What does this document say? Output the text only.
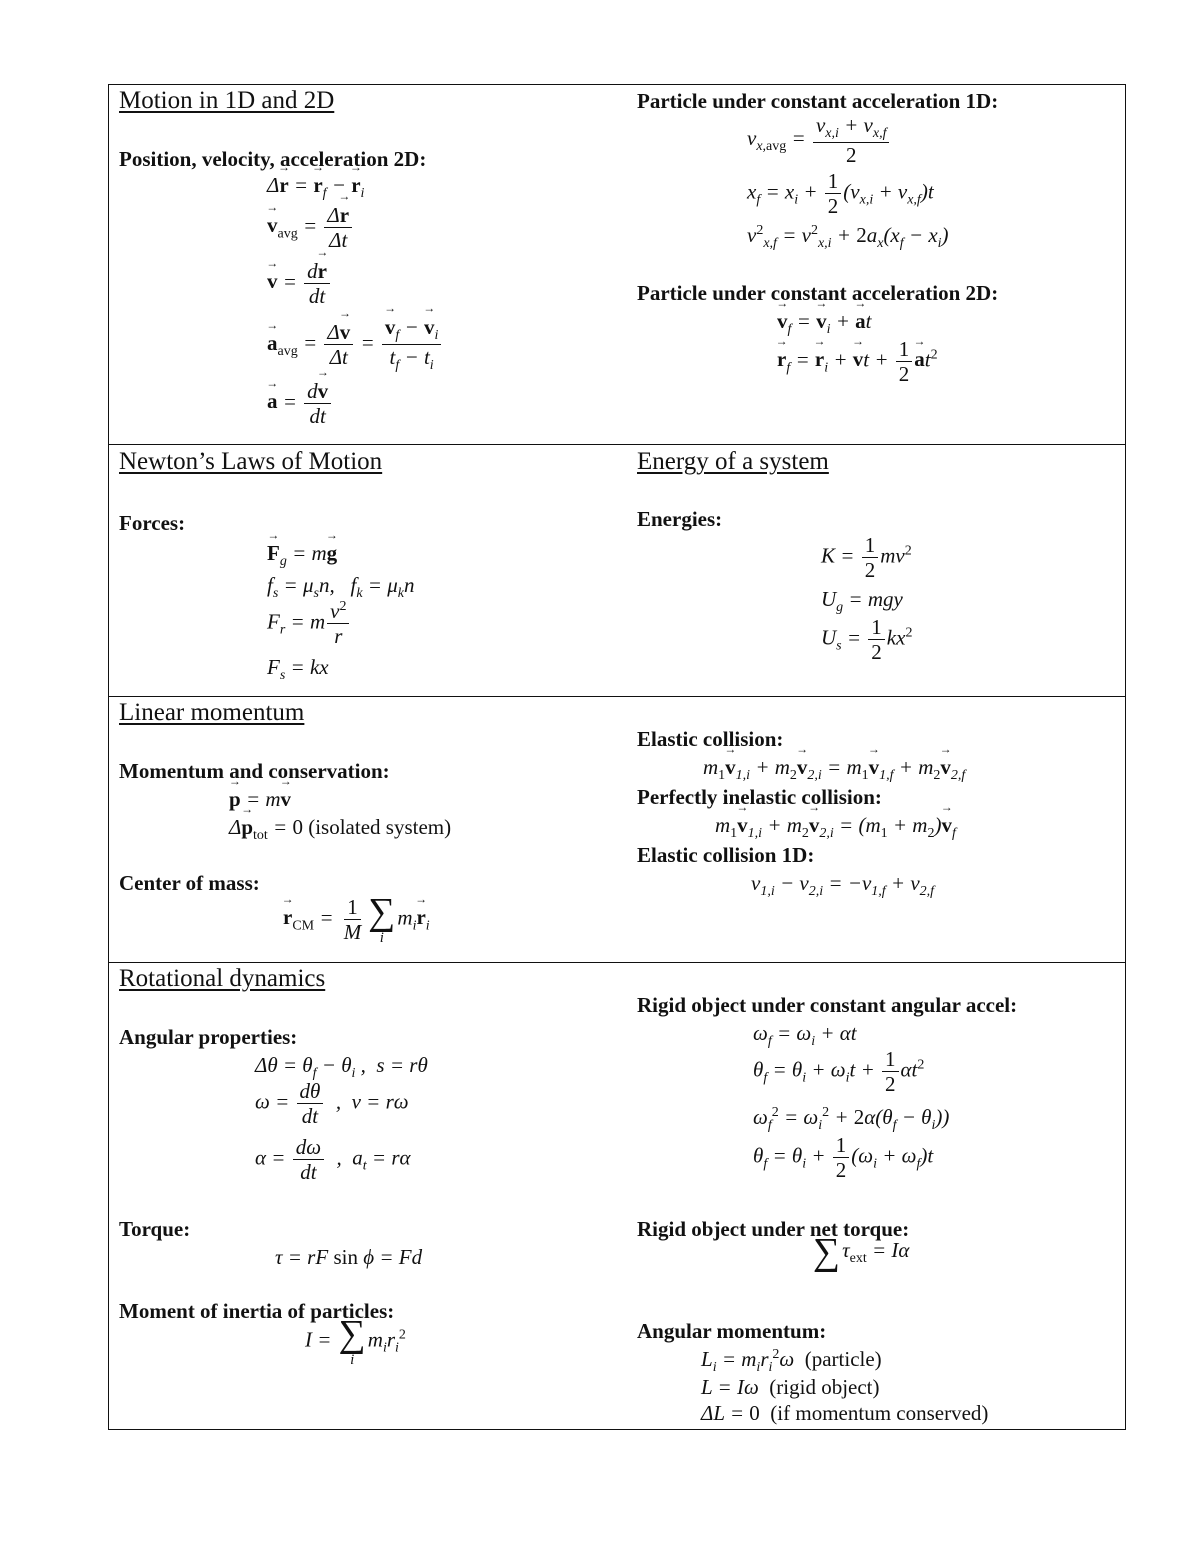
Motion in 1D and 2D
Position, velocity, acceleration 2D:
Δ→ r = → $r_f$ − → $r_i$
→ $v_{avg} = \frac{\Delta\to r}{\Delta t}$
→ $v = \frac{d\to r}{dt}$
→ $a_{avg} = \frac{\Delta\to v}{\Delta t}$ =
→ $\frac{v_f - \to v_i}{t_f - t_i}$
→ $a = \frac{d\to v}{dt}$
Particle under constant acceleration 1D:
$v_{x,avg} = \frac{v_{x,i} + v_{x,f}}{2}$
$x_f = x_i + \frac{1}{2} (v_{x,i} + v_{x,f})t$
$v^2_{x,f} = v^2_{x,i} + 2a_x(x_f - x_i)$
Particle under constant acceleration 2D:
→ $v_f$ = → $v_i$ + → at
→ $r_f$ = → $r_i$ + → vt + $\frac{1}{2}$
→ $at^2$
Newton’s Laws of Motion
Forces:
→ $F_g = m\to g$
$f_s = \mu_sn$,   $f_k = \mu_kn$
$F_r = m \frac{v^2}{r}$
$F_s$ = kx
Energy of a system
Energies:
$K = \frac{1}{2} mv^2$
$U_g$ = mgy
$U_s = \frac{1}{2} kx^2$
Linear momentum
Momentum and conservation:
→ p = m→ v
$\Delta\to p_{tot} = 0$ (isolated system)
Center of mass:
→ $r_{CM} = \frac{1}{M}$ ∑
i
$m_i\to r_i$
Elastic collision:
$m_1\to v_{1,i} + m_2\to v_{2,i} = m_1\to v_{1,f} + m_2\to v_{2,f}$
Perfectly inelastic collision:
$m_1\to v_{1,i} + m_2\to v_{2,i} = (m_1 + m_2)\to v_f$
Elastic collision 1D:
$v_{1,i} - v_{2,i} = -v_{1,f} + v_{2,f}$
Rotational dynamics
Angular properties:
$\Delta\theta = \theta_f - \theta_i$ ,  s = rθ
$\omega = \frac{d\theta}{dt}$ ,  v = rω
$\alpha = \frac{d\omega}{dt}$ ,  $a_t = r\alpha$
Torque:
τ = rF sin ϕ = Fd
Moment of inertia of particles:
I = ∑
i
$m_ir_i^2$
Rigid object under constant angular accel:
$\omega_f = \omega_i + \alpha t$
$\theta_f = \theta_i + \omega_it + \frac{1}{2} \alpha t^2$
$\omega_f^2 = \omega_i^2 + 2\alpha(\theta_f - \theta_i)$)
$\theta_f = \theta_i + \frac{1}{2} (\omega_i + \omega_f)t$
Rigid object under net torque:
∑ $\tau_{ext} = I\alpha$
Angular momentum:
$L_i = m_ir_i^2\omega$  (particle)
L = Iω  (rigid object)
ΔL = 0 (if momentum conserved)
